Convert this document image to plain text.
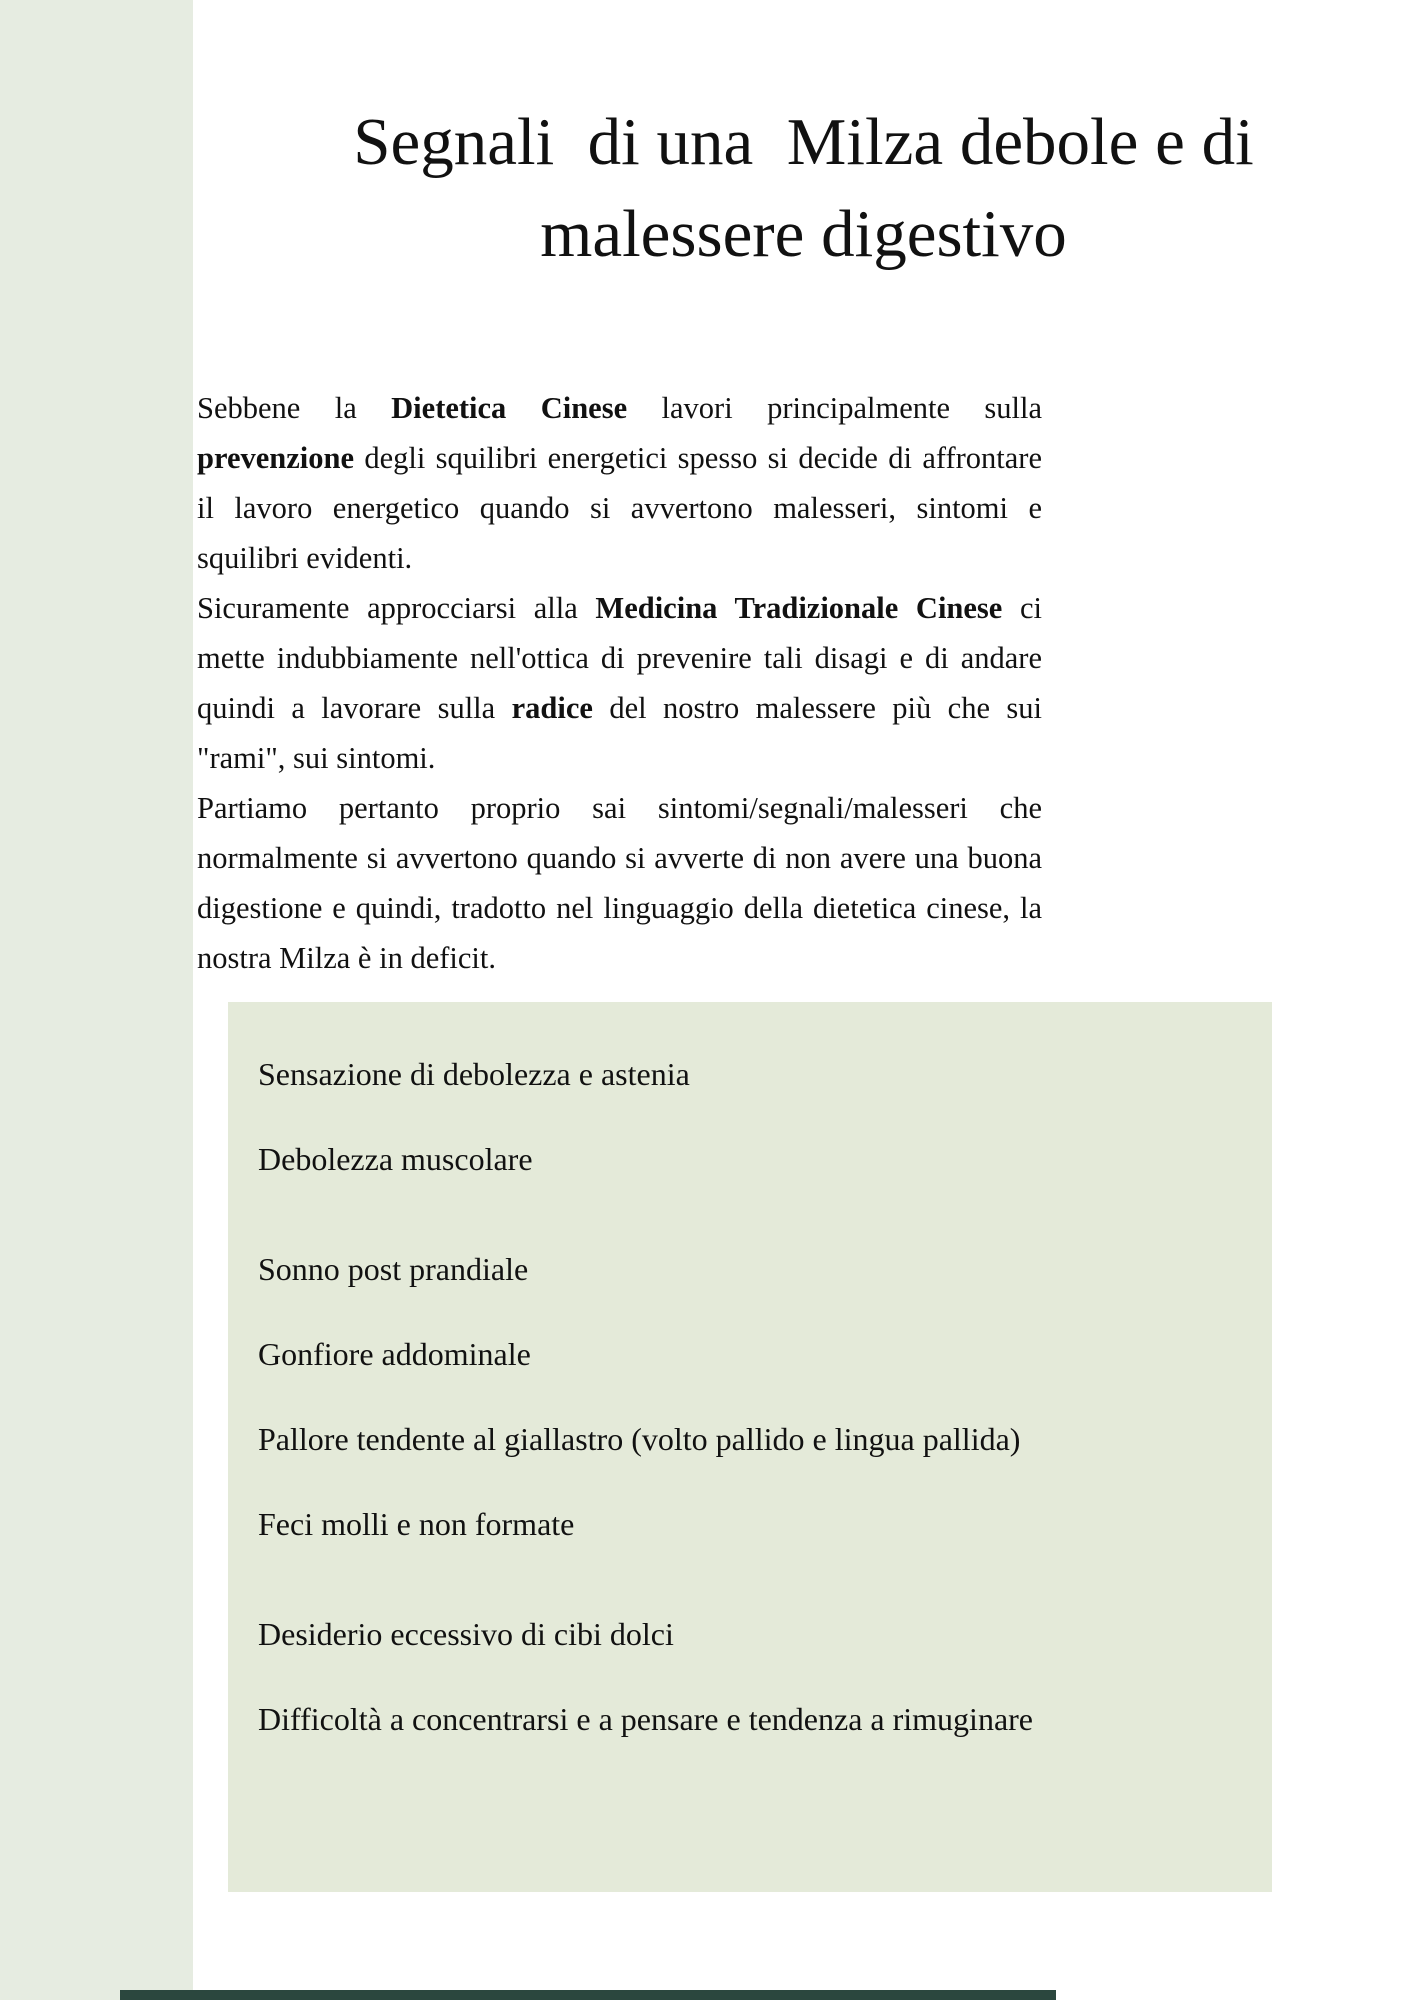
Segnali  di una  Milza debole e di
malessere digestivo

Sebbene la Dietetica Cinese lavori principalmente sulla prevenzione degli squilibri energetici spesso si decide di affrontare il lavoro energetico quando si avvertono malesseri, sintomi e squilibri evidenti.

Sicuramente approcciarsi alla Medicina Tradizionale Cinese ci mette indubbiamente nell'ottica di prevenire tali disagi e di andare quindi a lavorare sulla radice del nostro malessere più che sui "rami", sui sintomi.

Partiamo pertanto proprio sai sintomi/segnali/malesseri che normalmente si avvertono quando si avverte di non avere una buona digestione e quindi, tradotto nel linguaggio della dietetica cinese, la nostra Milza è in deficit.

Sensazione di debolezza e astenia
Debolezza muscolare
Sonno post prandiale
Gonfiore addominale
Pallore tendente al giallastro (volto pallido e lingua pallida)
Feci molli e non formate
Desiderio eccessivo di cibi dolci
Difficoltà a concentrarsi e a pensare e tendenza a rimuginare
